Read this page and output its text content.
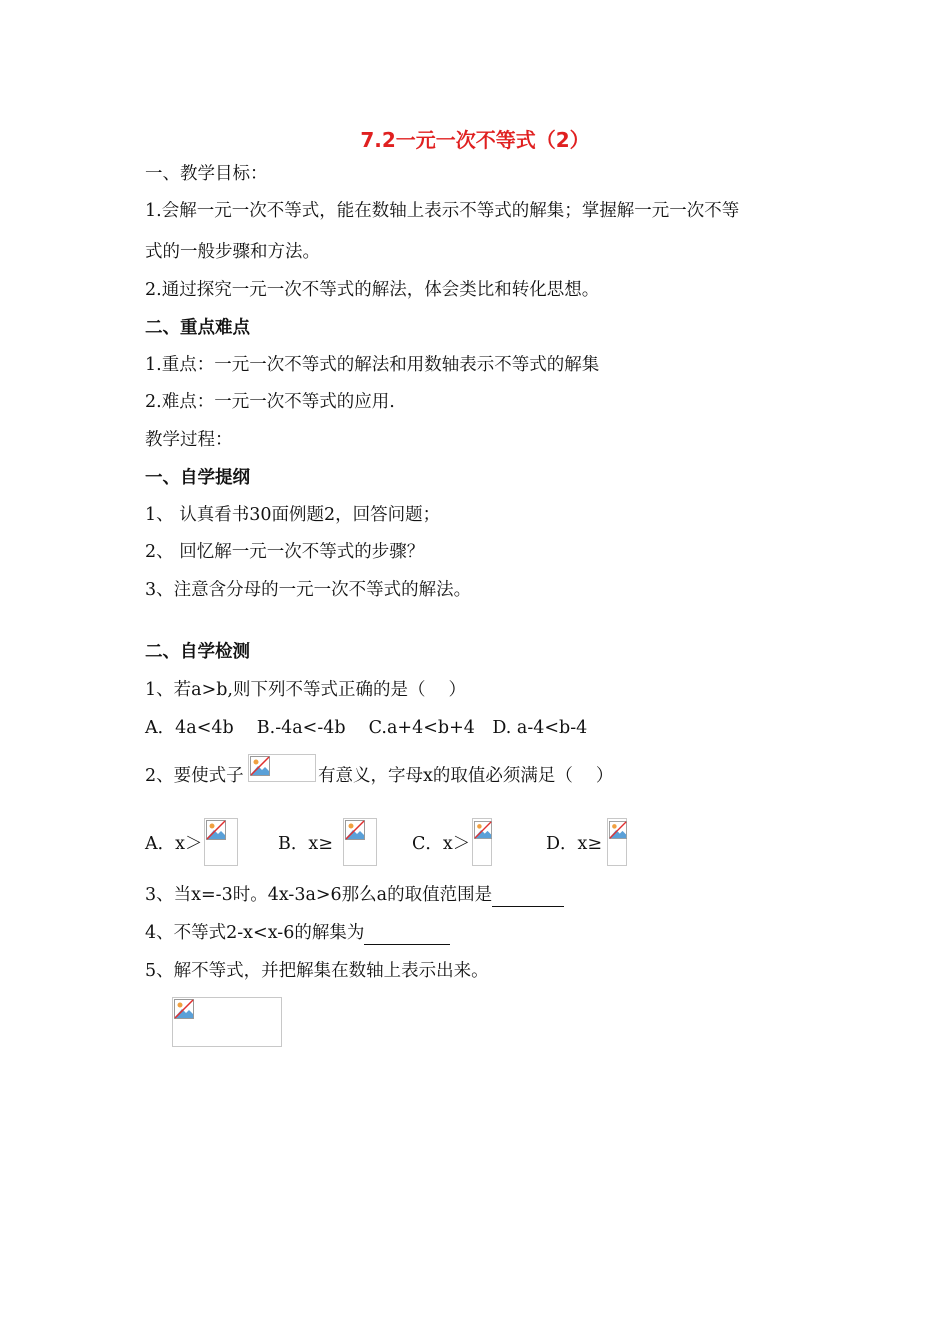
7.2一元一次不等式（2）
一、教学目标：
1.会解一元一次不等式，能在数轴上表示不等式的解集；掌握解一元一次不等
式的一般步骤和方法。
2.通过探究一元一次不等式的解法，体会类比和转化思想。
二、重点难点
1.重点：一元一次不等式的解法和用数轴表示不等式的解集
2.难点：一元一次不等式的应用.
教学过程：
一、自学提纲
1、 认真看书30面例题2，回答问题；
2、 回忆解一元一次不等式的步骤？
3、注意含分母的一元一次不等式的解法。
二、自学检测
1、若a>b,则下列不等式正确的是（　 ）
A．4a<4b　 B.-4a<-4b　 C.a+4<b+4　D. a-4<b-4
2、要使式子	有意义，字母x的取值必须满足（　 ）
A．x＞	B．x≥	C．x＞	D．x≥
3、当x=-3时。4x-3a>6那么a的取值范围是
4、不等式2-x<x-6的解集为
5、解不等式，并把解集在数轴上表示出来。
